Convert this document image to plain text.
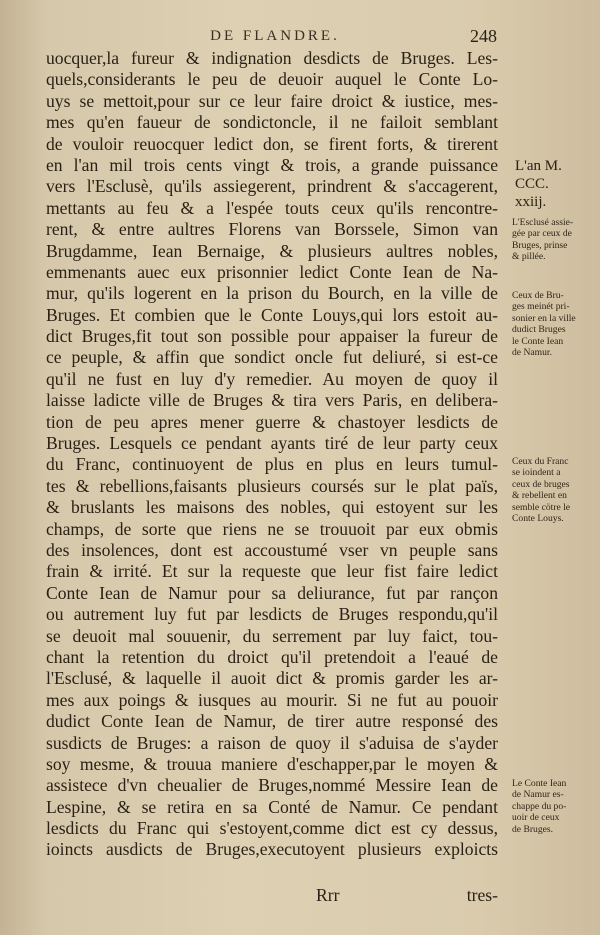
DE FLANDRE.	248
uocquer,la fureur & indignation desdicts de Bruges. Les-
quels,considerants le peu de deuoir auquel le Conte Lo-
uys se mettoit,pour sur ce leur faire droict & iustice, mes-
mes qu'en faueur de sondictoncle, il ne failoit semblant
de vouloir reuocquer ledict don, se firent forts, & tirerent
en l'an mil trois cents vingt & trois, a grande puissance
vers l'Esclusè, qu'ils assiegerent, prindrent & s'accagerent,
mettants au feu & a l'espée touts ceux qu'ils rencontre-
rent, & entre aultres Florens van Borssele, Simon van
Brugdamme, Iean Bernaige, & plusieurs aultres nobles,
emmenants auec eux prisonnier ledict Conte Iean de Na-
mur, qu'ils logerent en la prison du Bourch, en la ville de
Bruges. Et combien que le Conte Louys,qui lors estoit au-
dict Bruges,fit tout son possible pour appaiser la fureur de
ce peuple, & affin que sondict oncle fut deliuré, si est-ce
qu'il ne fust en luy d'y remedier. Au moyen de quoy il
laisse ladicte ville de Bruges & tira vers Paris, en delibera-
tion de peu apres mener guerre & chastoyer lesdicts de
Bruges. Lesquels ce pendant ayants tiré de leur party ceux
du Franc, continuoyent de plus en plus en leurs tumul-
tes & rebellions,faisants plusieurs coursés sur le plat païs,
& bruslants les maisons des nobles, qui estoyent sur les
champs, de sorte que riens ne se trouuoit par eux obmis
des insolences, dont est accoustumé vser vn peuple sans
frain & irrité. Et sur la requeste que leur fist faire ledict
Conte Iean de Namur pour sa deliurance, fut par rançon
ou autrement luy fut par lesdicts de Bruges respondu,qu'il
se deuoit mal souuenir, du serrement par luy faict, tou-
chant la retention du droict qu'il pretendoit a l'eaué de
l'Esclusé, & laquelle il auoit dict & promis garder les ar-
mes aux poings & iusques au mourir. Si ne fut au pouoir
dudict Conte Iean de Namur, de tirer autre responsé des
susdicts de Bruges: a raison de quoy il s'aduisa de s'ayder
soy mesme, & trouua maniere d'eschapper,par le moyen &
assistece d'vn cheualier de Bruges,nommé Messire Iean de
Lespine, & se retira en sa Conté de Namur. Ce pendant
lesdicts du Franc qui s'estoyent,comme dict est cy dessus,
ioincts ausdicts de Bruges,executoyent plusieurs exploicts
L'an M.
CCC.
xxiij.
L'Esclusé assie-
gée par ceux de
Bruges, prinse
& pillée.
Ceux de Bru-
ges meinét pri-
sonier en la ville
dudict Bruges
le Conte Iean
de Namur.
Ceux du Franc
se ioindent a
ceux de bruges
& rebellent en
semble cötre le
Conte Louys.
Le Conte Iean
de Namur es-
chappe du po-
uoir de ceux
de Bruges.
Rrr	tres-
